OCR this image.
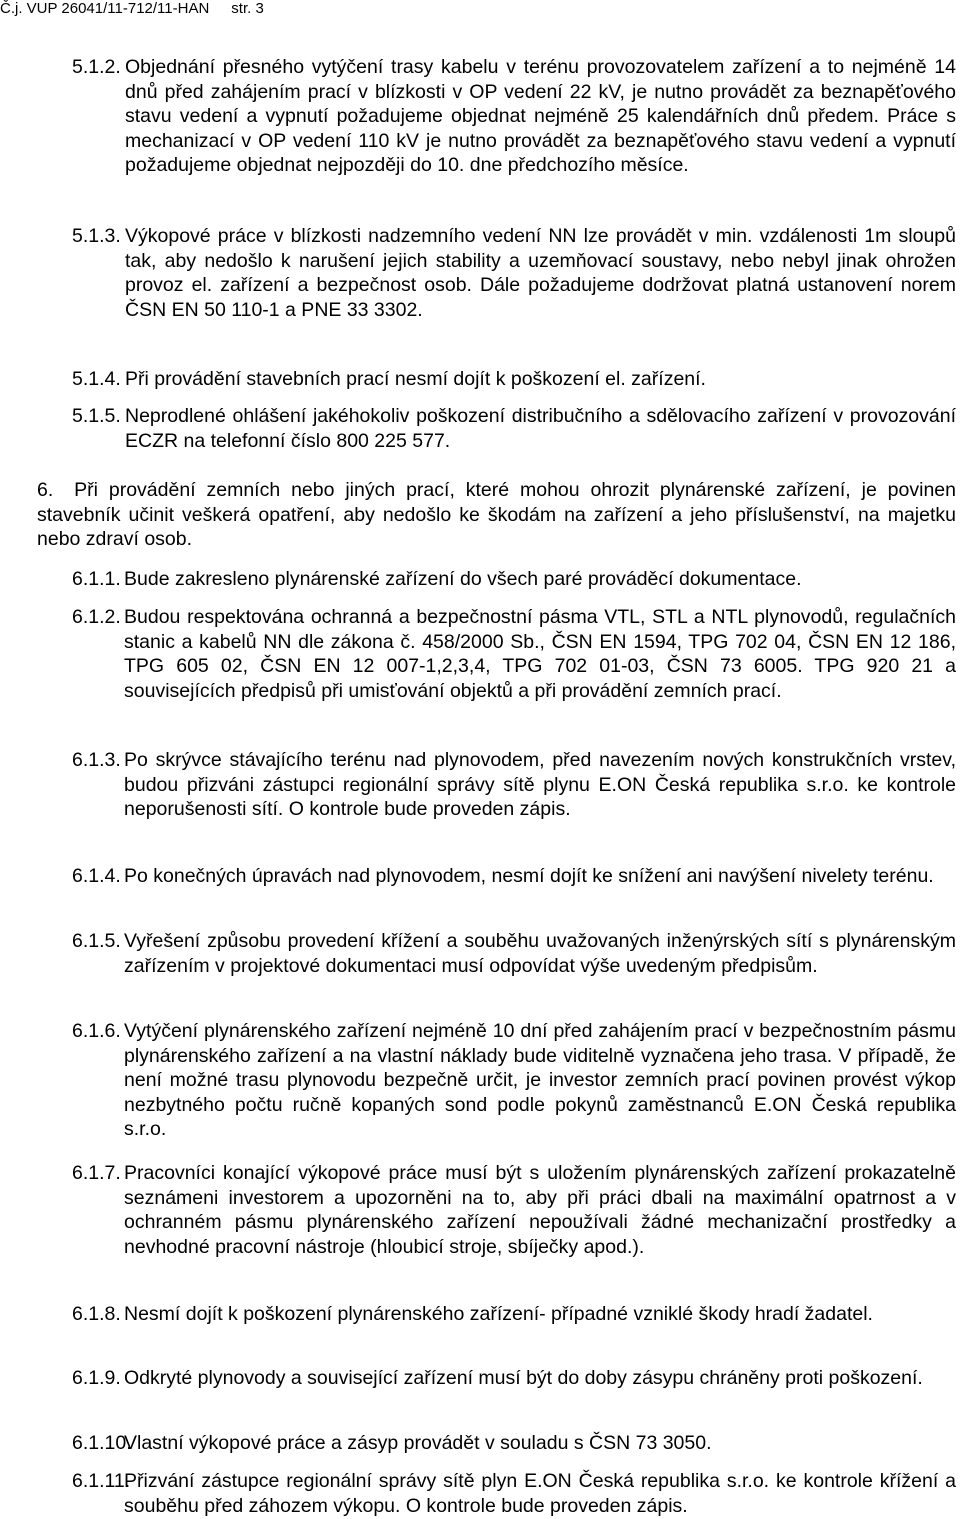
Č.j. VUP 26041/11-712/11-HAN str. 3
5.1.2. Objednání přesného vytýčení trasy kabelu v terénu provozovatelem zařízení a to nejméně 14 dnů před zahájením prací v blízkosti v OP vedení 22 kV, je nutno provádět za beznapěťového stavu vedení a vypnutí požadujeme objednat nejméně 25 kalendářních dnů předem. Práce s mechanizací v OP vedení 110 kV je nutno provádět za beznapěťového stavu vedení a vypnutí požadujeme objednat nejpozději do 10. dne předchozího měsíce.
5.1.3. Výkopové práce v blízkosti nadzemního vedení NN lze provádět v min. vzdálenosti 1m sloupů tak, aby nedošlo k narušení jejich stability a uzemňovací soustavy, nebo nebyl jinak ohrožen provoz el. zařízení a bezpečnost osob. Dále požadujeme dodržovat platná ustanovení norem ČSN EN 50 110-1 a PNE 33 3302.
5.1.4. Při provádění stavebních prací nesmí dojít k poškození el. zařízení.
5.1.5. Neprodlené ohlášení jakéhokoliv poškození distribučního a sdělovacího zařízení v provozování ECZR na telefonní číslo 800 225 577.
6. Při provádění zemních nebo jiných prací, které mohou ohrozit plynárenské zařízení, je povinen stavebník učinit veškerá opatření, aby nedošlo ke škodám na zařízení a jeho příslušenství, na majetku nebo zdraví osob.
6.1.1. Bude zakresleno plynárenské zařízení do všech paré prováděcí dokumentace.
6.1.2. Budou respektována ochranná a bezpečnostní pásma VTL, STL a NTL plynovodů, regulačních stanic a kabelů NN dle zákona č. 458/2000 Sb., ČSN EN 1594, TPG 702 04, ČSN EN 12 186, TPG 605 02, ČSN EN 12 007-1,2,3,4, TPG 702 01-03, ČSN 73 6005. TPG 920 21 a souvisejících předpisů při umisťování objektů a při provádění zemních prací.
6.1.3. Po skrývce stávajícího terénu nad plynovodem, před navezením nových konstrukčních vrstev, budou přizváni zástupci regionální správy sítě plynu E.ON Česká republika s.r.o. ke kontrole neporušenosti sítí. O kontrole bude proveden zápis.
6.1.4. Po konečných úpravách nad plynovodem, nesmí dojít ke snížení ani navýšení nivelety terénu.
6.1.5. Vyřešení způsobu provedení křížení a souběhu uvažovaných inženýrských sítí s plynárenským zařízením v projektové dokumentaci musí odpovídat výše uvedeným předpisům.
6.1.6. Vytýčení plynárenského zařízení nejméně 10 dní před zahájením prací v bezpečnostním pásmu plynárenského zařízení a na vlastní náklady bude viditelně vyznačena jeho trasa. V případě, že není možné trasu plynovodu bezpečně určit, je investor zemních prací povinen provést výkop nezbytného počtu ručně kopaných sond podle pokynů zaměstnanců E.ON Česká republika s.r.o.
6.1.7. Pracovníci konající výkopové práce musí být s uložením plynárenských zařízení prokazatelně seznámeni investorem a upozorněni na to, aby při práci dbali na maximální opatrnost a v ochranném pásmu plynárenského zařízení nepoužívali žádné mechanizační prostředky a nevhodné pracovní nástroje (hloubicí stroje, sbíječky apod.).
6.1.8. Nesmí dojít k poškození plynárenského zařízení- případné vzniklé škody hradí žadatel.
6.1.9. Odkryté plynovody a související zařízení musí být do doby zásypu chráněny proti poškození.
6.1.10.
Vlastní výkopové práce a zásyp provádět v souladu s ČSN 73 3050.
6.1.11.
Přizvání zástupce regionální správy sítě plyn E.ON Česká republika s.r.o. ke kontrole křížení a souběhu před záhozem výkopu. O kontrole bude proveden zápis.
